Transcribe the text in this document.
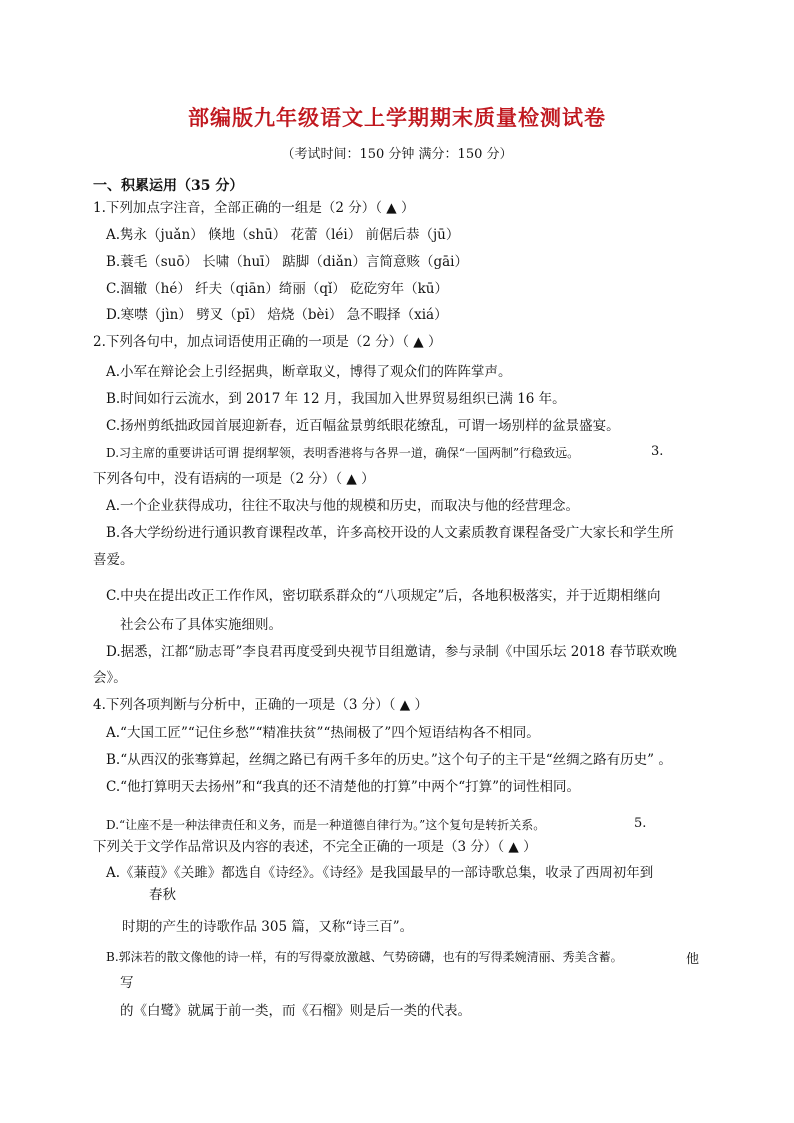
部编版九年级语文上学期期末质量检测试卷
（考试时间：150 分钟 满分：150 分）
一、积累运用（35 分）
1.下列加点字注音，全部正确的一组是（2 分）（ ▲ ）
A.隽永（juǎn） 倏地（shū） 花蕾（léi） 前倨后恭（jū）
B.蓑毛（suō） 长啸（huī） 踮脚（diǎn）言简意赅（gāi）
C.涸辙（hé） 纤夫（qiān）绮丽（qǐ） 矻矻穷年（kū）
D.寒噤（jìn） 劈叉（pī） 焙烧（bèi） 急不暇择（xiá）
2.下列各句中，加点词语使用正确的一项是（2 分）（ ▲ ）
A.小军在辩论会上引经据典，断章取义，博得了观众们的阵阵掌声。
B.时间如行云流水，到 2017 年 12 月，我国加入世界贸易组织已满 16 年。
C.扬州剪纸拙政园首展迎新春，近百幅盆景剪纸眼花缭乱，可谓一场别样的盆景盛宴。
D.习主席的重要讲话可谓 提纲挈领，表明香港将与各界一道，确保“一国两制”行稳致远。	3.
下列各句中，没有语病的一项是（2 分）（ ▲ ）
A.一个企业获得成功，往往不取决与他的规模和历史，而取决与他的经营理念。
B.各大学纷纷进行通识教育课程改革，许多高校开设的人文素质教育课程备受广大家长和学生所
喜爱。
C.中央在提出改正工作作风，密切联系群众的“八项规定”后，各地积极落实，并于近期相继向
社会公布了具体实施细则。
D.据悉，江都“励志哥”李良君再度受到央视节目组邀请，参与录制《中国乐坛 2018 春节联欢晚
会》。
4.下列各项判断与分析中，正确的一项是（3 分）（ ▲ ）
A.“大国工匠”“记住乡愁”“精准扶贫”“热闹极了”四个短语结构各不相同。
B.“从西汉的张骞算起，丝绸之路已有两千多年的历史。”这个句子的主干是“丝绸之路有历史” 。
C.“他打算明天去扬州”和“我真的还不清楚他的打算”中两个“打算”的词性相同。
D.“让座不是一种法律责任和义务，而是一种道德自律行为。”这个复句是转折关系。	5.
下列关于文学作品常识及内容的表述，不完全正确的一项是（3 分）（ ▲ ）
A.《蒹葭》《关雎》都选自《诗经》。《诗经》是我国最早的一部诗歌总集，收录了西周初年到
春秋
时期的产生的诗歌作品 305 篇，又称“诗三百”。
B.郭沫若的散文像他的诗一样，有的写得豪放激越、气势磅礴，也有的写得柔婉清丽、秀美含蓄。	他
写
的《白鹭》就属于前一类，而《石榴》则是后一类的代表。
